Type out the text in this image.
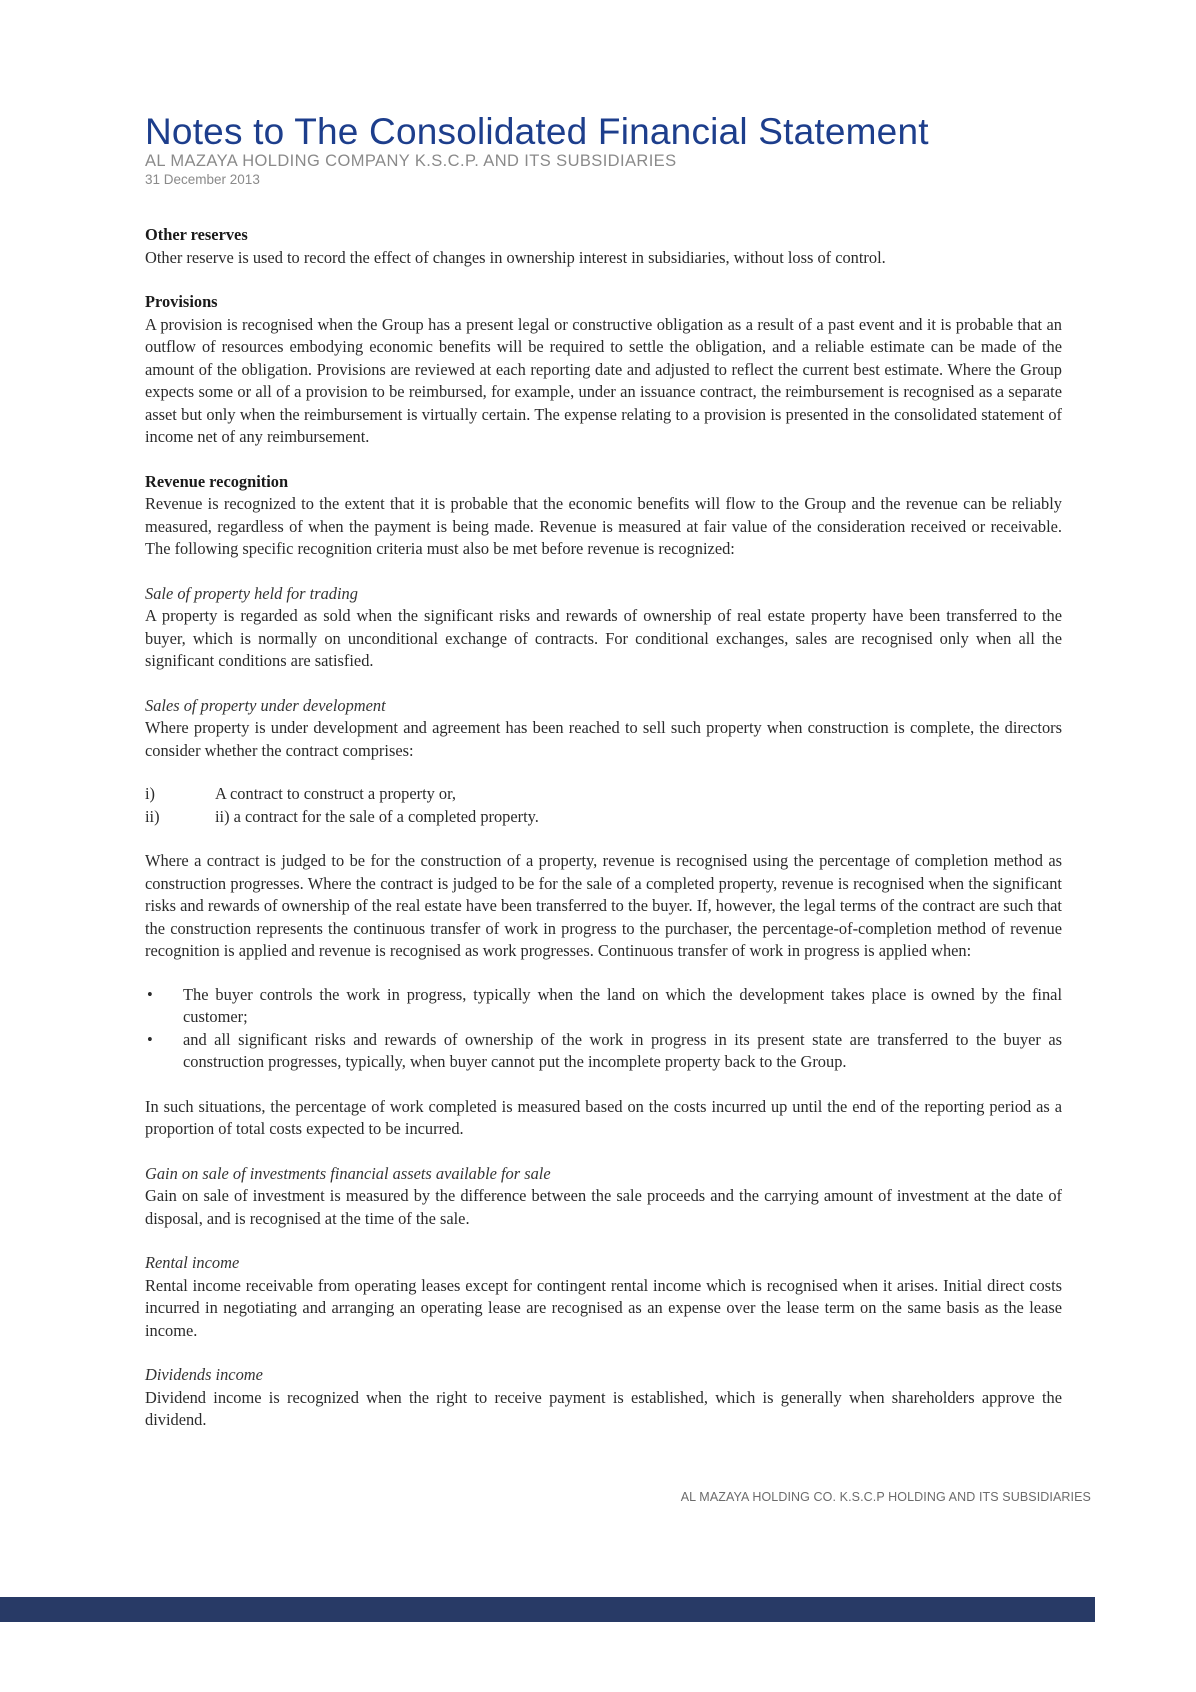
Notes to The Consolidated Financial Statement
AL MAZAYA HOLDING COMPANY K.S.C.P. AND ITS SUBSIDIARIES
31 December 2013
Other reserves
Other reserve is used to record the effect of changes in ownership interest in subsidiaries, without loss of control.
Provisions
A provision is recognised when the Group has a present legal or constructive obligation as a result of a past event and it is probable that an outflow of resources embodying economic benefits will be required to settle the obligation, and a reliable estimate can be made of the amount of the obligation. Provisions are reviewed at each reporting date and adjusted to reflect the current best estimate. Where the Group expects some or all of a provision to be reimbursed, for example, under an issuance contract, the reimbursement is recognised as a separate asset but only when the reimbursement is virtually certain. The expense relating to a provision is presented in the consolidated statement of income net of any reimbursement.
Revenue recognition
Revenue is recognized to the extent that it is probable that the economic benefits will flow to the Group and the revenue can be reliably measured, regardless of when the payment is being made. Revenue is measured at fair value of the consideration received or receivable. The following specific recognition criteria must also be met before revenue is recognized:
Sale of property held for trading
A property is regarded as sold when the significant risks and rewards of ownership of real estate property have been transferred to the buyer, which is normally on unconditional exchange of contracts. For conditional exchanges, sales are recognised only when all the significant conditions are satisfied.
Sales of property under development
Where property is under development and agreement has been reached to sell such property when construction is complete, the directors consider whether the contract comprises:
i)	A contract to construct a property or,
ii)	ii) a contract for the sale of a completed property.
Where a contract is judged to be for the construction of a property, revenue is recognised using the percentage of completion method as construction progresses. Where the contract is judged to be for the sale of a completed property, revenue is recognised when the significant risks and rewards of ownership of the real estate have been transferred to the buyer. If, however, the legal terms of the contract are such that the construction represents the continuous transfer of work in progress to the purchaser, the percentage-of-completion method of revenue recognition is applied and revenue is recognised as work progresses. Continuous transfer of work in progress is applied when:
•	The buyer controls the work in progress, typically when the land on which the development takes place is owned by the final customer;
•	and all significant risks and rewards of ownership of the work in progress in its present state are transferred to the buyer as construction progresses, typically, when buyer cannot put the incomplete property back to the Group.
In such situations, the percentage of work completed is measured based on the costs incurred up until the end of the reporting period as a proportion of total costs expected to be incurred.
Gain on sale of investments financial assets available for sale
Gain on sale of investment is measured by the difference between the sale proceeds and the carrying amount of investment at the date of disposal, and is recognised at the time of the sale.
Rental income
Rental income receivable from operating leases except for contingent rental income which is recognised when it arises. Initial direct costs incurred in negotiating and arranging an operating lease are recognised as an expense over the lease term on the same basis as the lease income.
Dividends income
Dividend income is recognized when the right to receive payment is established, which is generally when shareholders approve the dividend.
AL MAZAYA HOLDING CO. K.S.C.P HOLDING AND ITS SUBSIDIARIES
